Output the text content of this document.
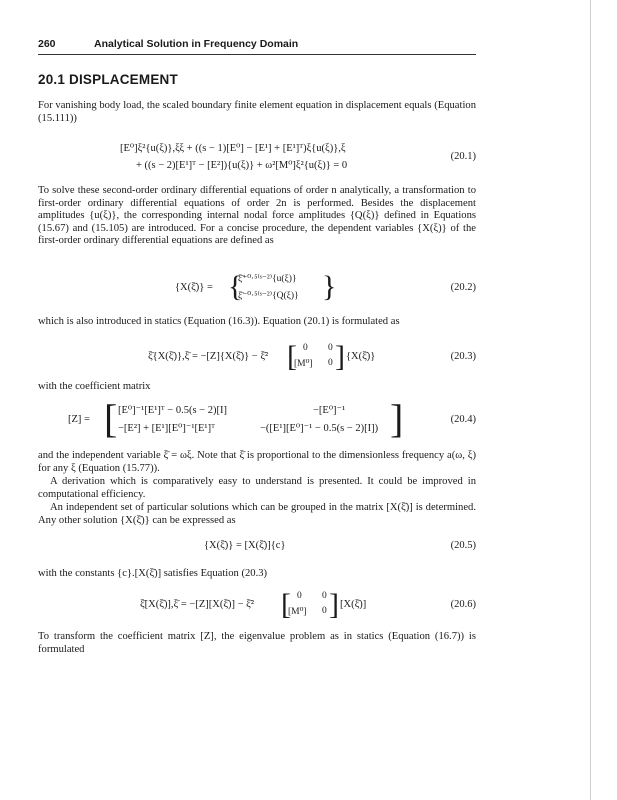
260	Analytical Solution in Frequency Domain
20.1 DISPLACEMENT
For vanishing body load, the scaled boundary finite element equation in displacement equals (Equation (15.111))
[E⁰]ξ²{u(ξ)},ξξ + ((s − 1)[E⁰] − [E¹] + [E¹]ᵀ)ξ{u(ξ)},ξ
+ ((s − 2)[E¹]ᵀ − [E²]){u(ξ)} + ω²[M⁰]ξ²{u(ξ)} = 0
(20.1)
To solve these second-order ordinary differential equations of order n analytically, a transformation to first-order ordinary differential equations of order 2n is performed. Besides the displacement amplitudes {u(ξ)}, the corresponding internal nodal force amplitudes {Q(ξ)} defined in Equations (15.67) and (15.105) are introduced. For a concise procedure, the dependent variables {X(ξ)} of the first-order ordinary differential equations are defined as
{X(ξ̄)} = {
ξ̄⁺⁰·⁵⁽ˢ⁻²⁾{u(ξ)}
ξ̄⁻⁰·⁵⁽ˢ⁻²⁾{Q(ξ)} }	(20.2)
which is also introduced in statics (Equation (16.3)). Equation (20.1) is formulated as
ξ̄{X(ξ̄)},ξ̄ = −[Z]{X(ξ̄)} − ξ̄² [ 0 0
[M⁰] 0 ] {X(ξ̄)}	(20.3)
with the coefficient matrix
[Z] = [ [E⁰]⁻¹[E¹]ᵀ − 0.5(s − 2)[I]	−[E⁰]⁻¹
−[E²] + [E¹][E⁰]⁻¹[E¹]ᵀ	−([E¹][E⁰]⁻¹ − 0.5(s − 2)[I]) ]	(20.4)
and the independent variable ξ̄ = ωξ. Note that ξ̄ is proportional to the dimensionless frequency a(ω, ξ) for any ξ (Equation (15.77)).
A derivation which is comparatively easy to understand is presented. It could be improved in computational efficiency.
An independent set of particular solutions which can be grouped in the matrix [X(ξ̄)] is determined. Any other solution {X(ξ̄)} can be expressed as
{X(ξ̄)} = [X(ξ̄)]{c}	(20.5)
with the constants {c}.[X(ξ̄)] satisfies Equation (20.3)
ξ̄[X(ξ̄)],ξ̄ = −[Z][X(ξ̄)] − ξ̄² [ 0 0
[M⁰] 0 ] [X(ξ̄)]	(20.6)
To transform the coefficient matrix [Z], the eigenvalue problem as in statics (Equation (16.7)) is formulated
